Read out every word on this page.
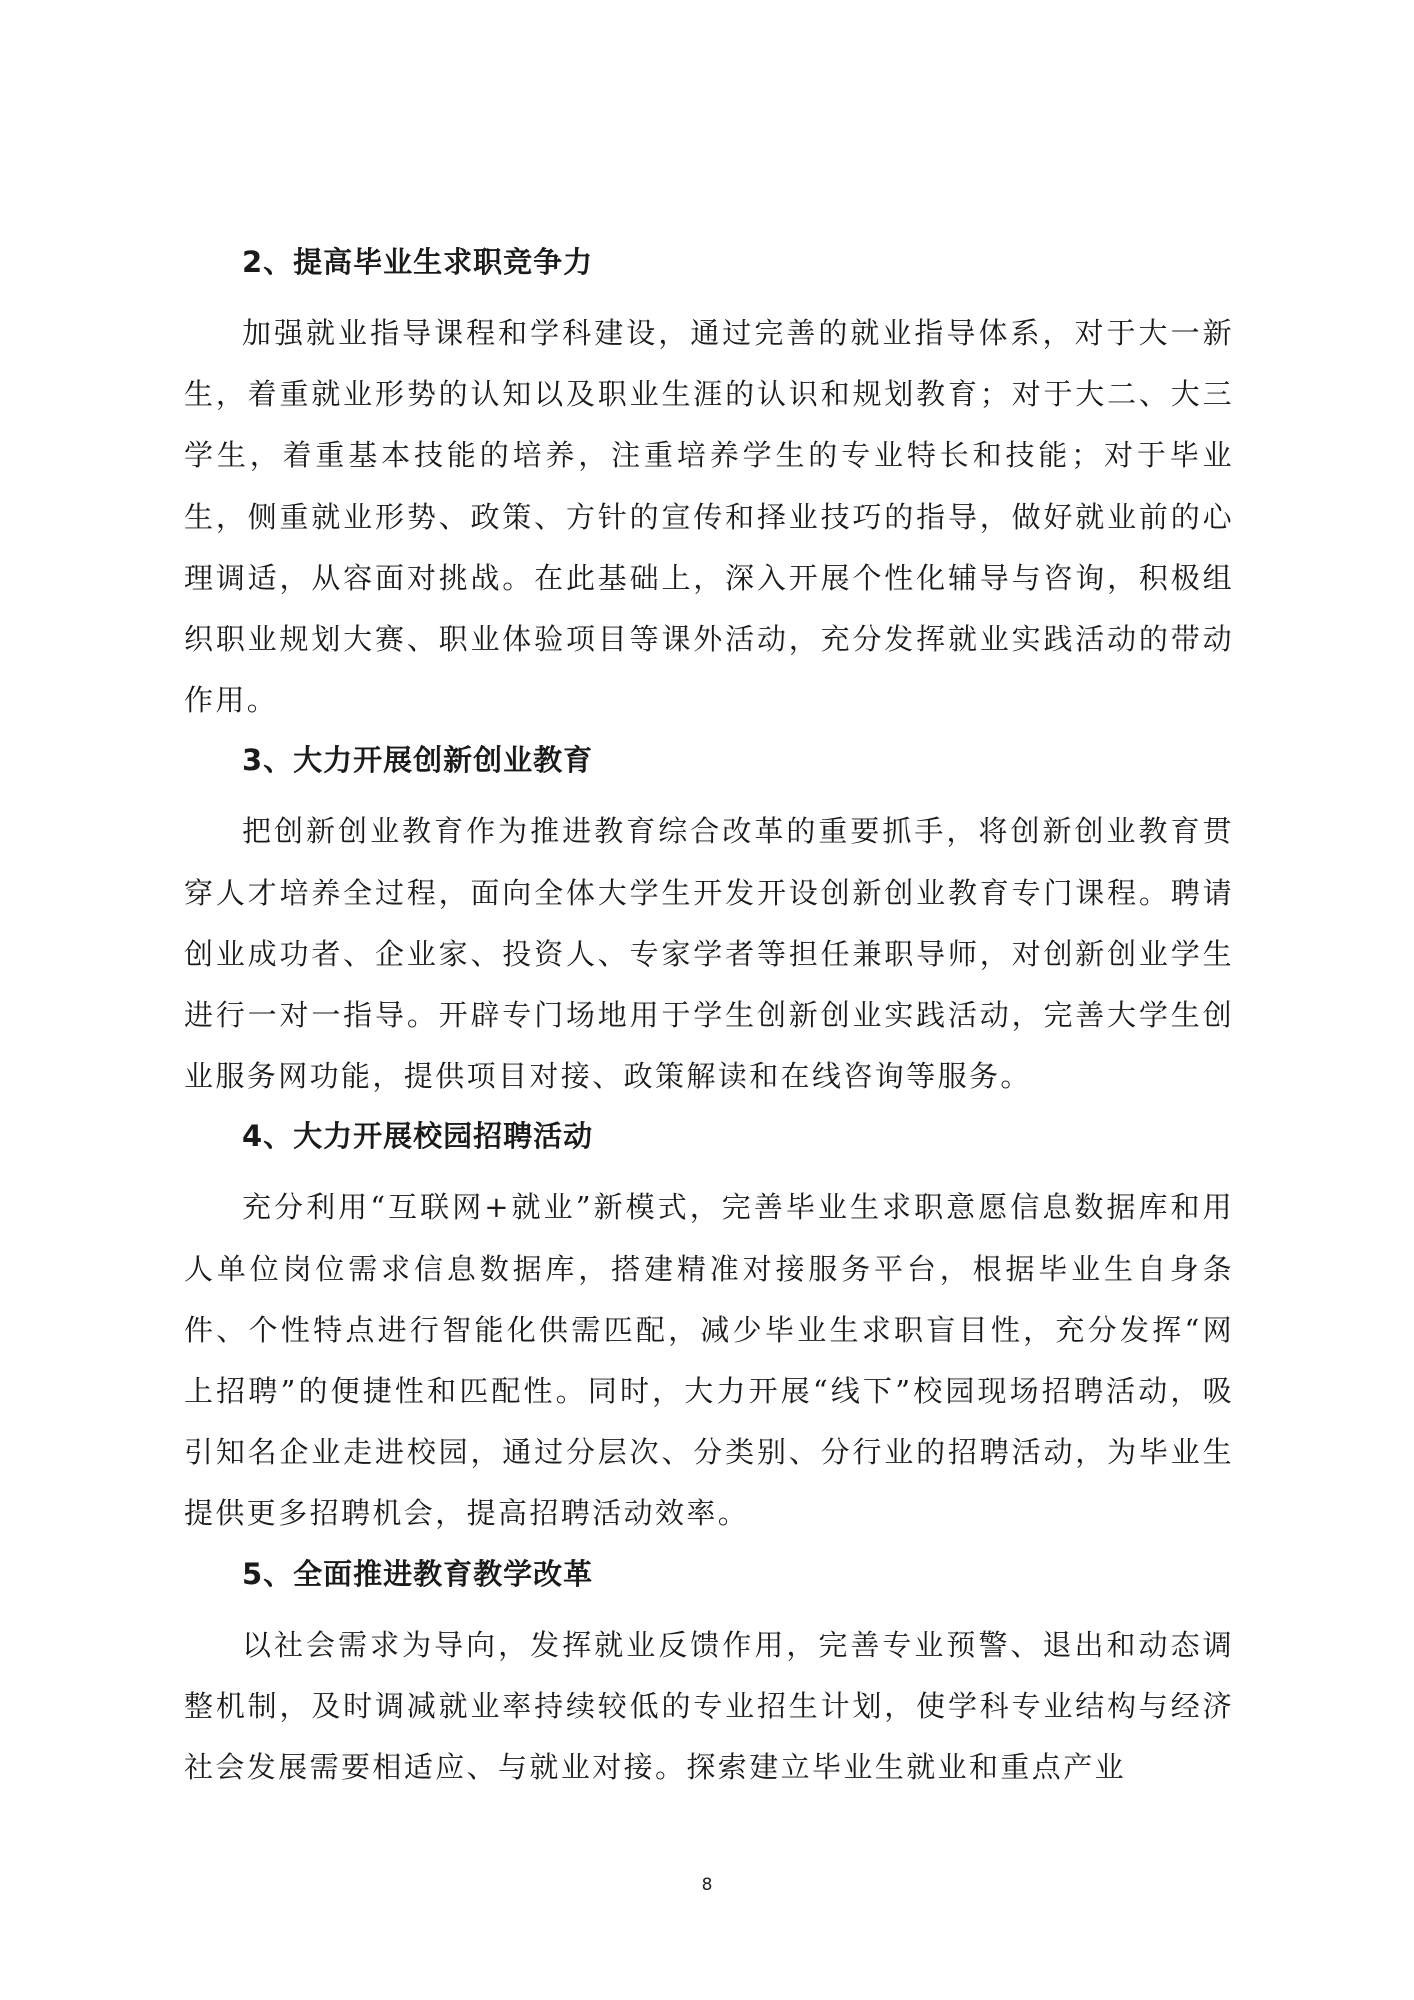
2、提高毕业生求职竞争力

加强就业指导课程和学科建设，通过完善的就业指导体系，对于大一新生，着重就业形势的认知以及职业生涯的认识和规划教育；对于大二、大三学生，着重基本技能的培养，注重培养学生的专业特长和技能；对于毕业生，侧重就业形势、政策、方针的宣传和择业技巧的指导，做好就业前的心理调适，从容面对挑战。在此基础上，深入开展个性化辅导与咨询，积极组织职业规划大赛、职业体验项目等课外活动，充分发挥就业实践活动的带动作用。

3、大力开展创新创业教育

把创新创业教育作为推进教育综合改革的重要抓手，将创新创业教育贯穿人才培养全过程，面向全体大学生开发开设创新创业教育专门课程。聘请创业成功者、企业家、投资人、专家学者等担任兼职导师，对创新创业学生进行一对一指导。开辟专门场地用于学生创新创业实践活动，完善大学生创业服务网功能，提供项目对接、政策解读和在线咨询等服务。

4、大力开展校园招聘活动

充分利用“互联网+就业”新模式，完善毕业生求职意愿信息数据库和用人单位岗位需求信息数据库，搭建精准对接服务平台，根据毕业生自身条件、个性特点进行智能化供需匹配，减少毕业生求职盲目性，充分发挥“网上招聘”的便捷性和匹配性。同时，大力开展“线下”校园现场招聘活动，吸引知名企业走进校园，通过分层次、分类别、分行业的招聘活动，为毕业生提供更多招聘机会，提高招聘活动效率。

5、全面推进教育教学改革

以社会需求为导向，发挥就业反馈作用，完善专业预警、退出和动态调整机制，及时调减就业率持续较低的专业招生计划，使学科专业结构与经济社会发展需要相适应、与就业对接。探索建立毕业生就业和重点产业

8
